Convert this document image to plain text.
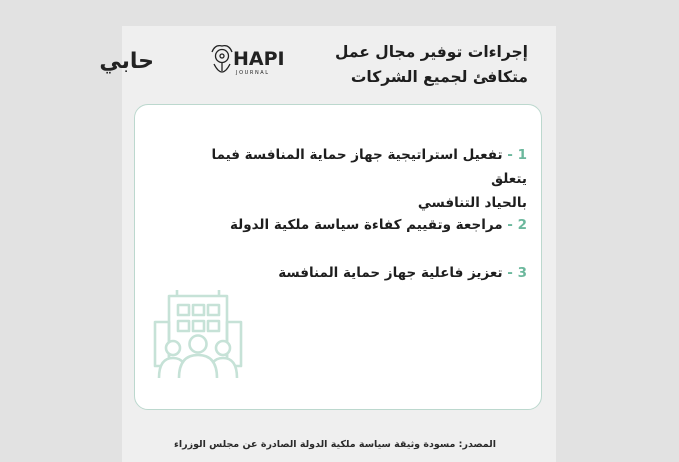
إجراءات توفير مجال عمل
متكافئ لجميع الشركات
حابي	HAPI
JOURNAL
1 - تفعيل استراتيجية جهاز حماية المنافسة فيما يتعلق
بالحياد التنافسي
2 - مراجعة وتقييم كفاءة سياسة ملكية الدولة
3 - تعزيز فاعلية جهاز حماية المنافسة
المصدر: مسودة وثيقة سياسة ملكية الدولة الصادرة عن مجلس الوزراء
